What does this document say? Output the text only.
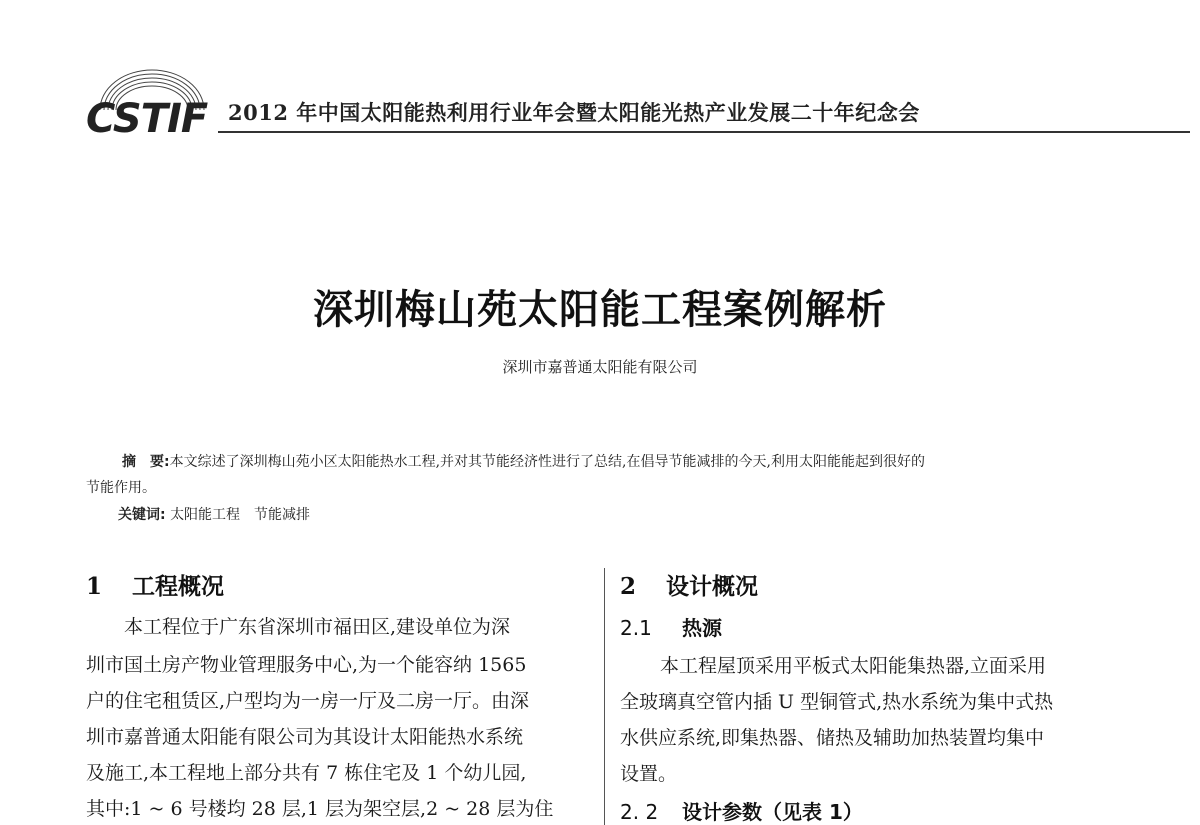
CSTIF 2012 年中国太阳能热利用行业年会暨太阳能光热产业发展二十年纪念会
深圳梅山苑太阳能工程案例解析
深圳市嘉普通太阳能有限公司
摘　要:本文综述了深圳梅山苑小区太阳能热水工程,并对其节能经济性进行了总结,在倡导节能减排的今天,利用太阳能能起到很好的
节能作用。
关键词: 太阳能工程　节能减排
1 工程概况
本工程位于广东省深圳市福田区,建设单位为深
圳市国土房产物业管理服务中心,为一个能容纳 1565
户的住宅租赁区,户型均为一房一厅及二房一厅。由深
圳市嘉普通太阳能有限公司为其设计太阳能热水系统
及施工,本工程地上部分共有 7 栋住宅及 1 个幼儿园,
其中:1 ~ 6 号楼均 28 层,1 层为架空层,2 ~ 28 层为住
2 设计概况
2.1 热源
本工程屋顶采用平板式太阳能集热器,立面采用
全玻璃真空管内插 U 型铜管式,热水系统为集中式热
水供应系统,即集热器、储热及辅助加热装置均集中
设置。
2. 2 设计参数（见表 1）
